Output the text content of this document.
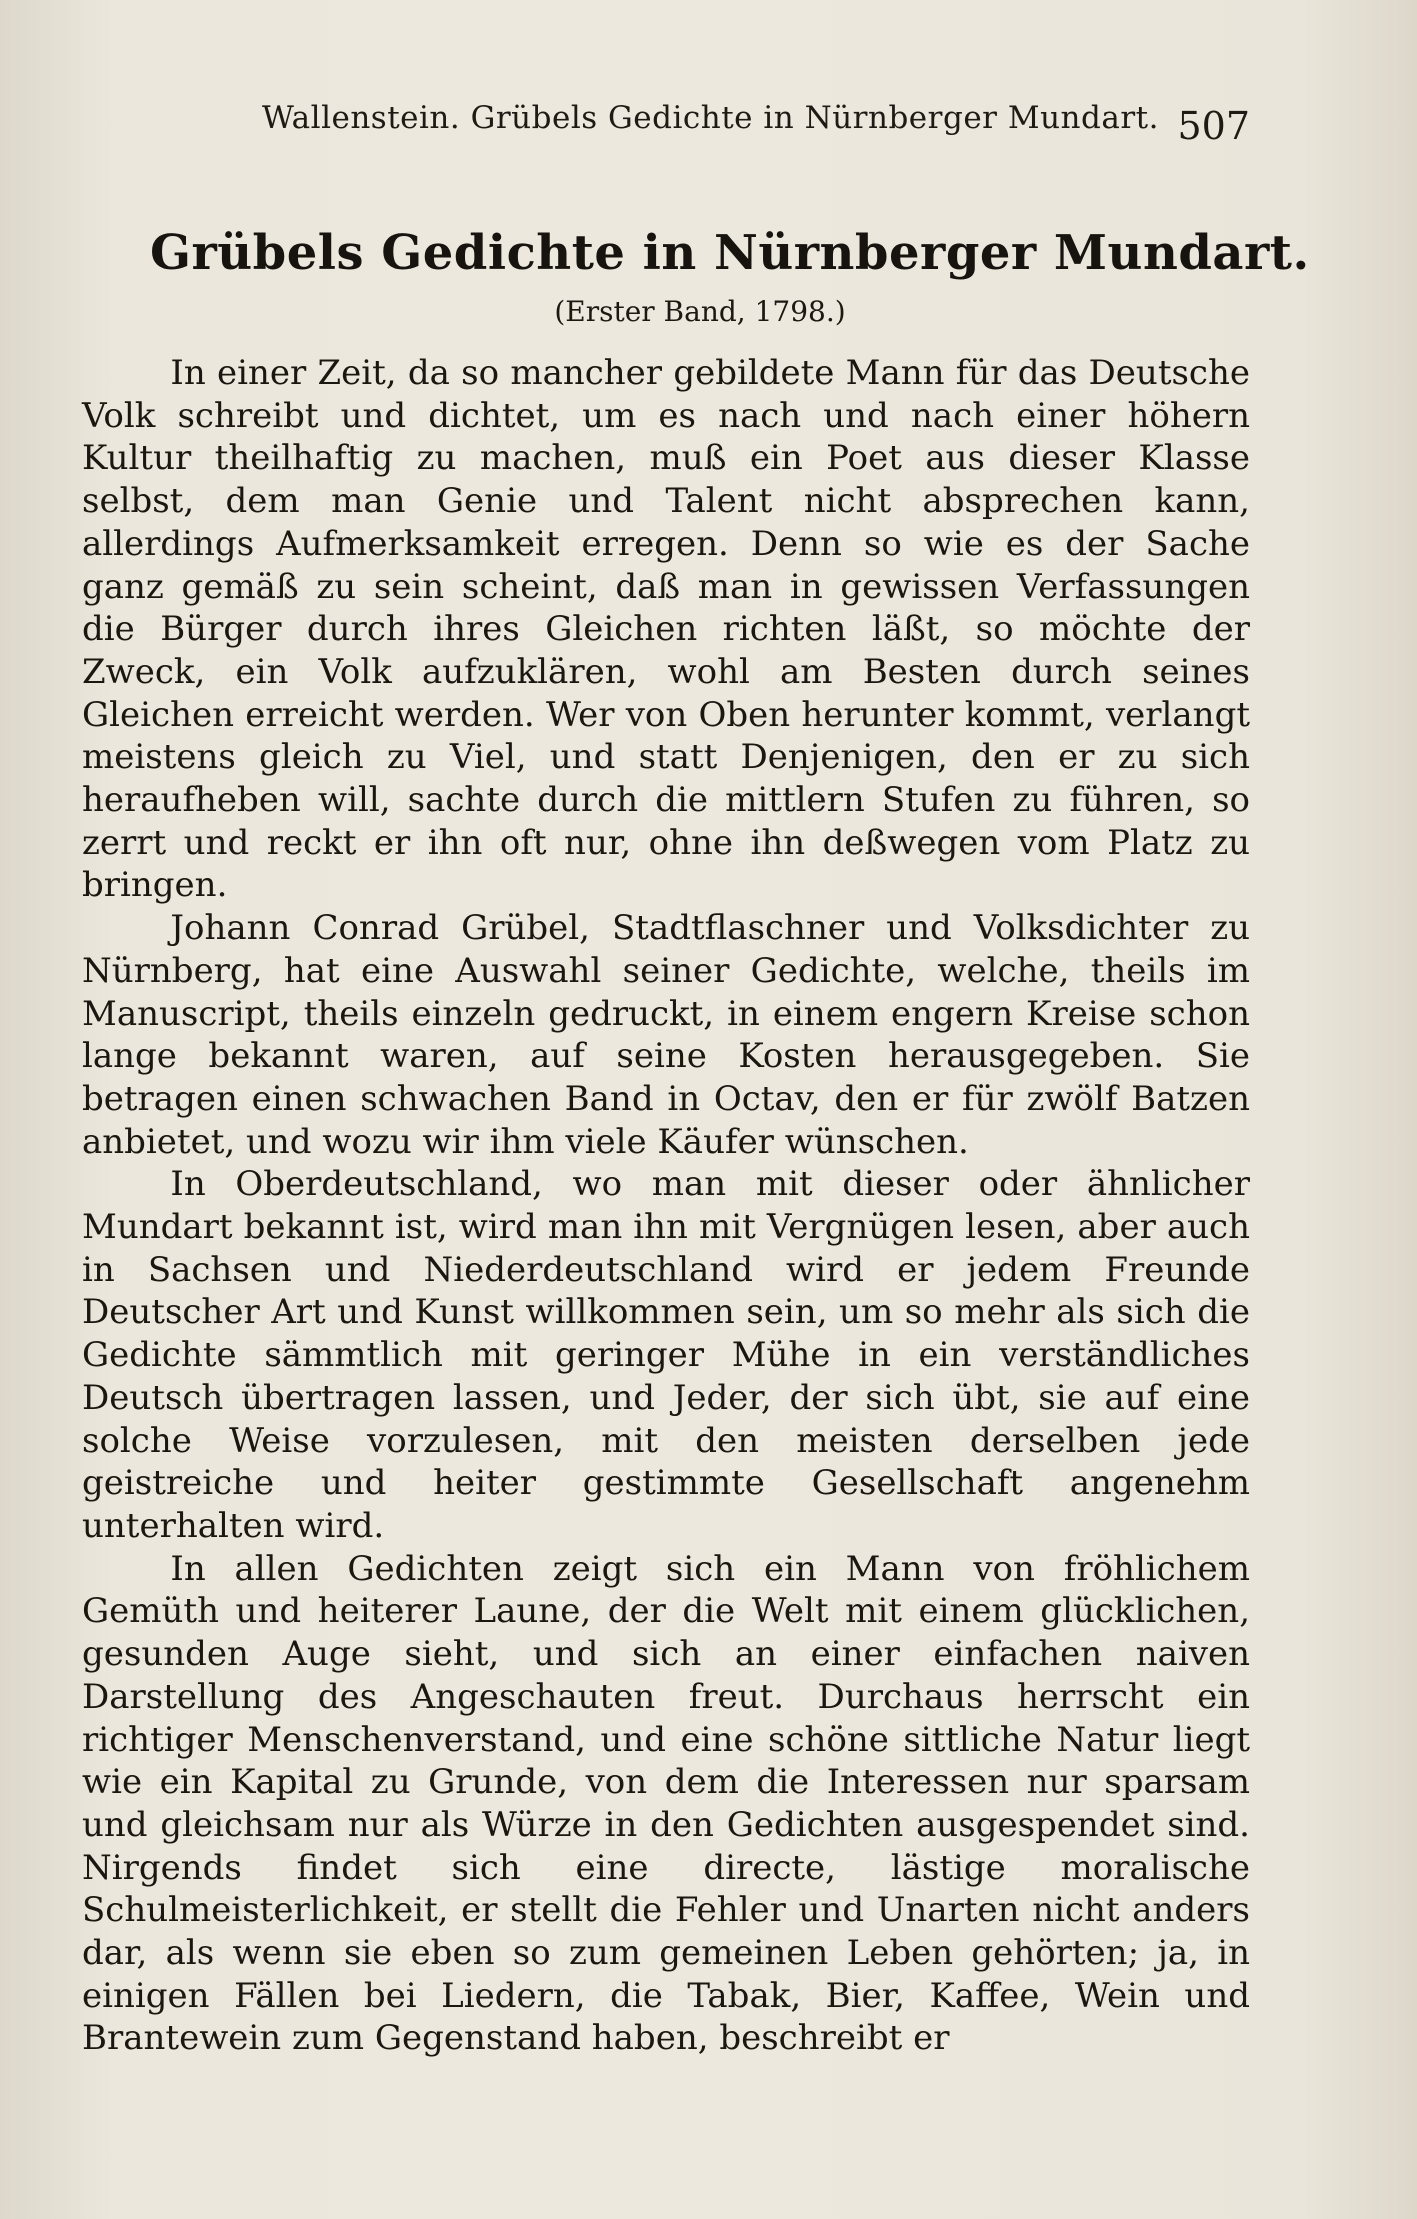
Wallenstein. Grübels Gedichte in Nürnberger Mundart. 507
Grübels Gedichte in Nürnberger Mundart.
(Erster Band, 1798.)

In einer Zeit, da so mancher gebildete Mann für das Deutsche Volk schreibt und dichtet, um es nach und nach einer höhern Kultur theilhaftig zu machen, muß ein Poet aus dieser Klasse selbst, dem man Genie und Talent nicht absprechen kann, allerdings Aufmerksamkeit erregen. Denn so wie es der Sache ganz gemäß zu sein scheint, daß man in gewissen Verfassungen die Bürger durch ihres Gleichen richten läßt, so möchte der Zweck, ein Volk aufzuklären, wohl am Besten durch seines Gleichen erreicht werden. Wer von Oben herunter kommt, verlangt meistens gleich zu Viel, und statt Denjenigen, den er zu sich heraufheben will, sachte durch die mittlern Stufen zu führen, so zerrt und reckt er ihn oft nur, ohne ihn deßwegen vom Platz zu bringen.

Johann Conrad Grübel, Stadtflaschner und Volksdichter zu Nürnberg, hat eine Auswahl seiner Gedichte, welche, theils im Manuscript, theils einzeln gedruckt, in einem engern Kreise schon lange bekannt waren, auf seine Kosten herausgegeben. Sie betragen einen schwachen Band in Octav, den er für zwölf Batzen anbietet, und wozu wir ihm viele Käufer wünschen.

In Oberdeutschland, wo man mit dieser oder ähnlicher Mundart bekannt ist, wird man ihn mit Vergnügen lesen, aber auch in Sachsen und Niederdeutschland wird er jedem Freunde Deutscher Art und Kunst willkommen sein, um so mehr als sich die Gedichte sämmtlich mit geringer Mühe in ein verständliches Deutsch übertragen lassen, und Jeder, der sich übt, sie auf eine solche Weise vorzulesen, mit den meisten derselben jede geistreiche und heiter gestimmte Gesellschaft angenehm unterhalten wird.

In allen Gedichten zeigt sich ein Mann von fröhlichem Gemüth und heiterer Laune, der die Welt mit einem glücklichen, gesunden Auge sieht, und sich an einer einfachen naiven Darstellung des Angeschauten freut. Durchaus herrscht ein richtiger Menschenverstand, und eine schöne sittliche Natur liegt wie ein Kapital zu Grunde, von dem die Interessen nur sparsam und gleichsam nur als Würze in den Gedichten ausgespendet sind. Nirgends findet sich eine directe, lästige moralische Schulmeisterlichkeit, er stellt die Fehler und Unarten nicht anders dar, als wenn sie eben so zum gemeinen Leben gehörten; ja, in einigen Fällen bei Liedern, die Tabak, Bier, Kaffee, Wein und Brantewein zum Gegenstand haben, beschreibt er
